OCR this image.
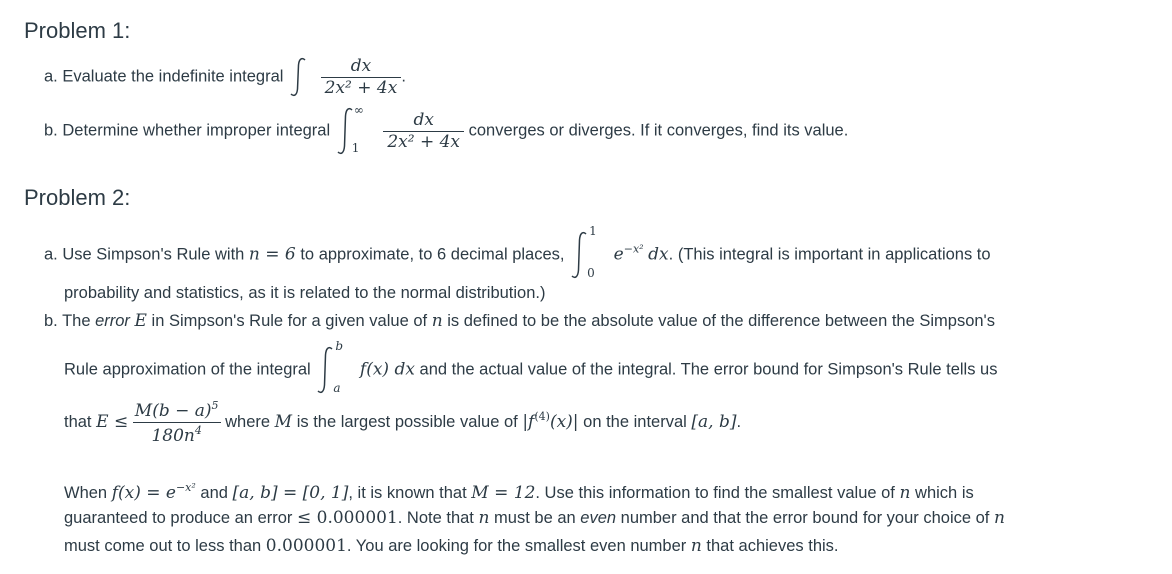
Problem 1:
a. Evaluate the indefinite integral
$\frac{dx}{\text{2x² + 4x}}$ .
b. Determine whether improper integral
∞
1
$\frac{dx}{\text{2x² + 4x}}$ converges or diverges. If it converges, find its value.
Problem 2:
a. Use Simpson's Rule with n = 6 to approximate, to 6 decimal places,
1
0
$e^{-x^2}$ dx. (This integral is important in applications to
probability and statistics, as it is related to the normal distribution.)
b. The error E in Simpson's Rule for a given value of n is defined to be the absolute value of the difference between the Simpson's
Rule approximation of the integral
b
a
f(x) dx and the actual value of the integral. The error bound for Simpson's Rule tells us
that $E \le \frac{M(b - a)^5}{180n^4}$ where M is the largest possible value of $|f^{(4)}(x)|$ on the interval [a, b].
When $f(x) = e^{-x^2}$ and [a, b] = [0, 1], it is known that M = 12. Use this information to find the smallest value of n which is
guaranteed to produce an error ≤ 0.000001. Note that n must be an even number and that the error bound for your choice of n
must come out to less than 0.000001. You are looking for the smallest even number n that achieves this.
